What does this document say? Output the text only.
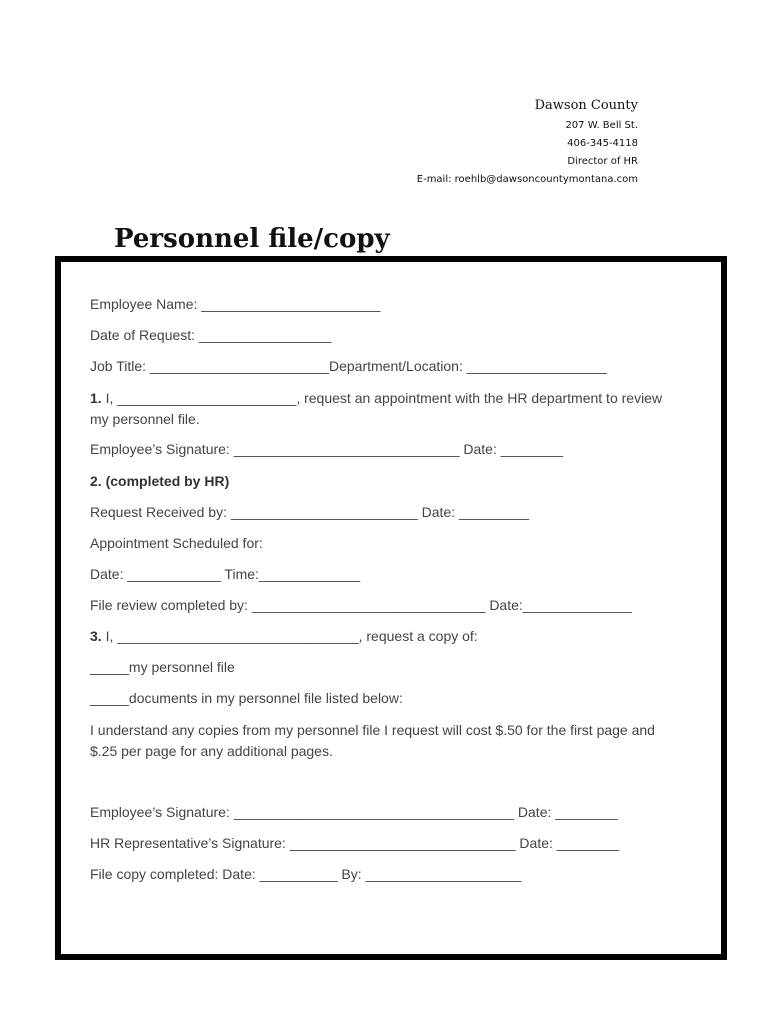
Dawson County
207 W. Bell St.
406-345-4118
Director of HR
E-mail: roehlb@dawsoncountymontana.com
Personnel file/copy
Employee Name: _______________________
Date of Request: _________________
Job Title: _______________________Department/Location: __________________
1. I, _______________________, request an appointment with the HR department to review my personnel file.
Employee’s Signature: _____________________________ Date: ________
2. (completed by HR)
Request Received by: ________________________ Date: _________
Appointment Scheduled for:
Date: ____________ Time:_____________
File review completed by: ______________________________ Date:______________
3. I, _______________________________, request a copy of:
_____my personnel file
_____documents in my personnel file listed below:
I understand any copies from my personnel file I request will cost $.50 for the first page and $.25 per page for any additional pages.
Employee’s Signature: ____________________________________ Date: ________
HR Representative’s Signature: _____________________________ Date: ________
File copy completed: Date: __________ By: ____________________
